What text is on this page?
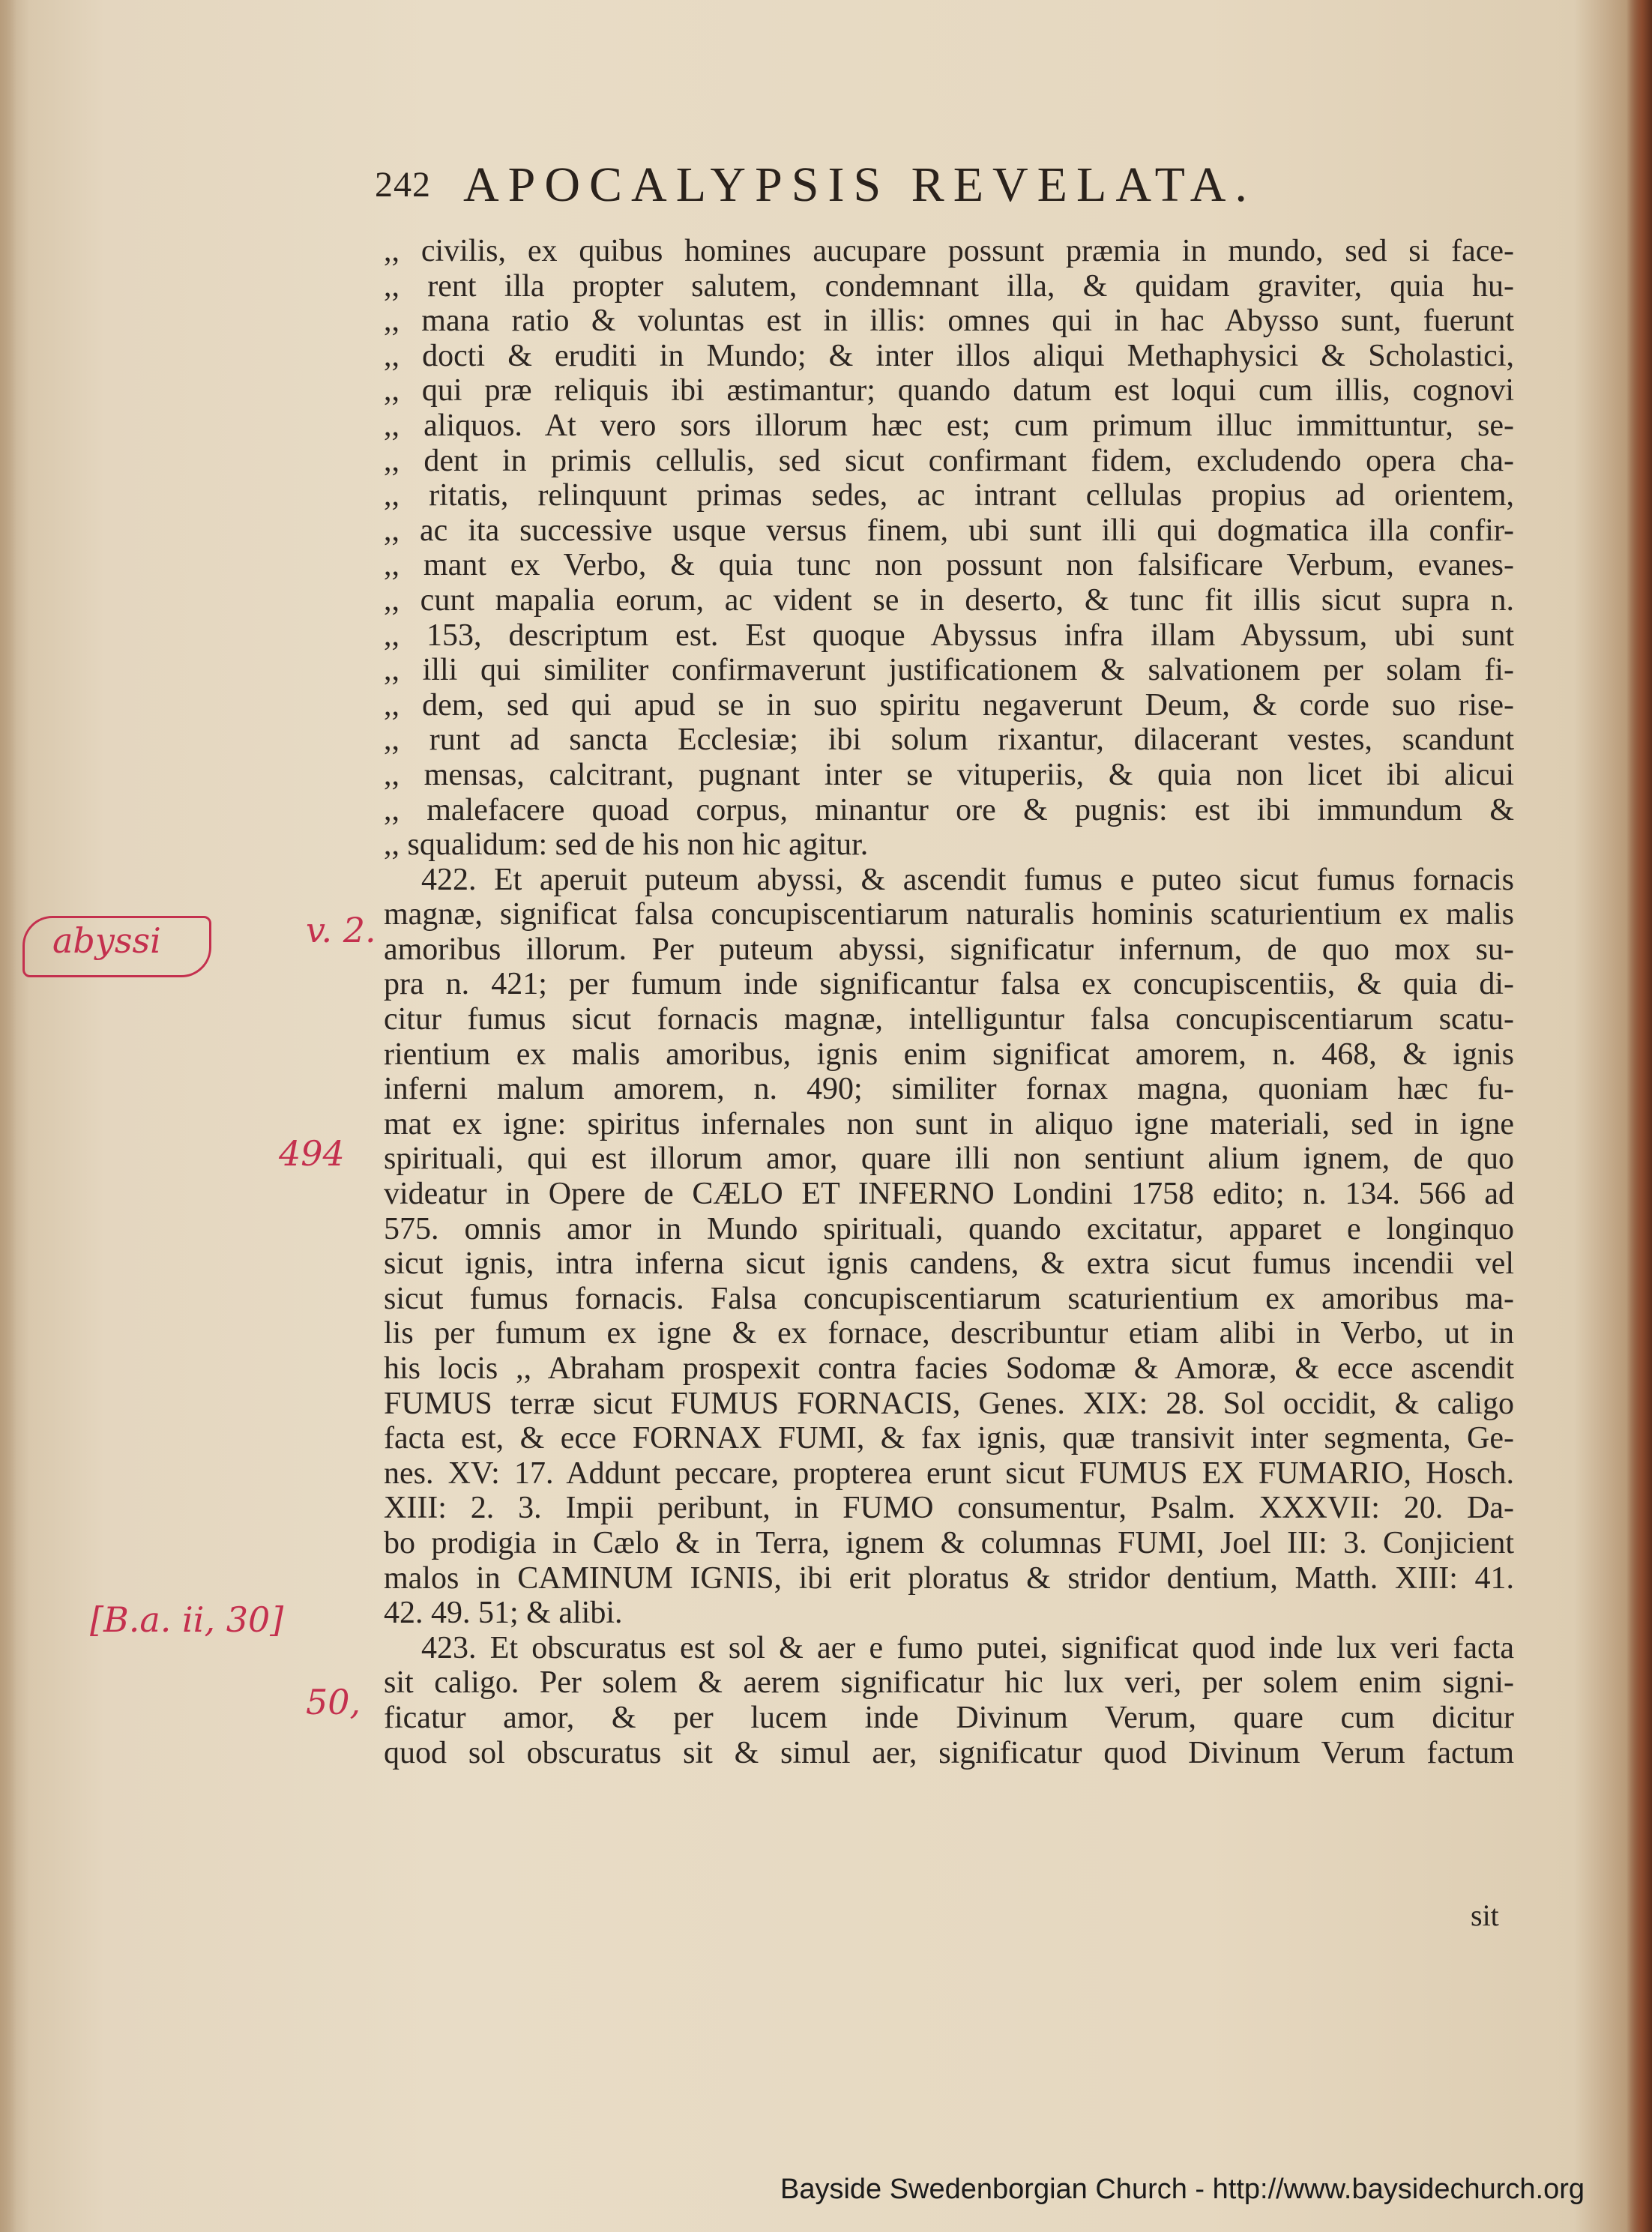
242 APOCALYPSIS REVELATA.
,, civilis, ex quibus homines aucupare possunt præmia in mundo, sed si face-
,, rent illa propter salutem, condemnant illa, & quidam graviter, quia hu-
,, mana ratio & voluntas est in illis: omnes qui in hac Abysso sunt, fuerunt
,, docti & eruditi in Mundo; & inter illos aliqui Methaphysici & Scholastici,
,, qui præ reliquis ibi æstimantur; quando datum est loqui cum illis, cognovi
,, aliquos. At vero sors illorum hæc est; cum primum illuc immittuntur, se-
,, dent in primis cellulis, sed sicut confirmant fidem, excludendo opera cha-
,, ritatis, relinquunt primas sedes, ac intrant cellulas propius ad orientem,
,, ac ita successive usque versus finem, ubi sunt illi qui dogmatica illa confir-
,, mant ex Verbo, & quia tunc non possunt non falsificare Verbum, evanes-
,, cunt mapalia eorum, ac vident se in deserto, & tunc fit illis sicut supra n.
,, 153, descriptum est. Est quoque Abyssus infra illam Abyssum, ubi sunt
,, illi qui similiter confirmaverunt justificationem & salvationem per solam fi-
,, dem, sed qui apud se in suo spiritu negaverunt Deum, & corde suo rise-
,, runt ad sancta Ecclesiæ; ibi solum rixantur, dilacerant vestes, scandunt
,, mensas, calcitrant, pugnant inter se vituperiis, & quia non licet ibi alicui
,, malefacere quoad corpus, minantur ore & pugnis: est ibi immundum &
,, squalidum: sed de his non hic agitur.
422. Et aperuit puteum abyssi, & ascendit fumus e puteo sicut fumus fornacis
magnæ, significat falsa concupiscentiarum naturalis hominis scaturientium ex malis
amoribus illorum. Per puteum abyssi, significatur infernum, de quo mox su-
pra n. 421; per fumum inde significantur falsa ex concupiscentiis, & quia di-
citur fumus sicut fornacis magnæ, intelliguntur falsa concupiscentiarum scatu-
rientium ex malis amoribus, ignis enim significat amorem, n. 468, & ignis
inferni malum amorem, n. 490; similiter fornax magna, quoniam hæc fu-
mat ex igne: spiritus infernales non sunt in aliquo igne materiali, sed in igne
spirituali, qui est illorum amor, quare illi non sentiunt alium ignem, de quo
videatur in Opere de CÆLO ET INFERNO Londini 1758 edito; n. 134. 566 ad
575. omnis amor in Mundo spirituali, quando excitatur, apparet e longinquo
sicut ignis, intra inferna sicut ignis candens, & extra sicut fumus incendii vel
sicut fumus fornacis. Falsa concupiscentiarum scaturientium ex amoribus ma-
lis per fumum ex igne & ex fornace, describuntur etiam alibi in Verbo, ut in
his locis ,, Abraham prospexit contra facies Sodomæ & Amoræ, & ecce ascendit
FUMUS terræ sicut FUMUS FORNACIS, Genes. XIX: 28. Sol occidit, & caligo
facta est, & ecce FORNAX FUMI, & fax ignis, quæ transivit inter segmenta, Ge-
nes. XV: 17. Addunt peccare, propterea erunt sicut FUMUS EX FUMARIO, Hosch.
XIII: 2. 3. Impii peribunt, in FUMO consumentur, Psalm. XXXVII: 20. Da-
bo prodigia in Cælo & in Terra, ignem & columnas FUMI, Joel III: 3. Conjicient
malos in CAMINUM IGNIS, ibi erit ploratus & stridor dentium, Matth. XIII: 41.
42. 49. 51; & alibi.
423. Et obscuratus est sol & aer e fumo putei, significat quod inde lux veri facta
sit caligo. Per solem & aerem significatur hic lux veri, per solem enim signi-
ficatur amor, & per lucem inde Divinum Verum, quare cum dicitur
quod sol obscuratus sit & simul aer, significatur quod Divinum Verum factum
sit
abyssi	v. 2.
494
[B.a. ii, 30]
50,
Bayside Swedenborgian Church - http://www.baysidechurch.org
